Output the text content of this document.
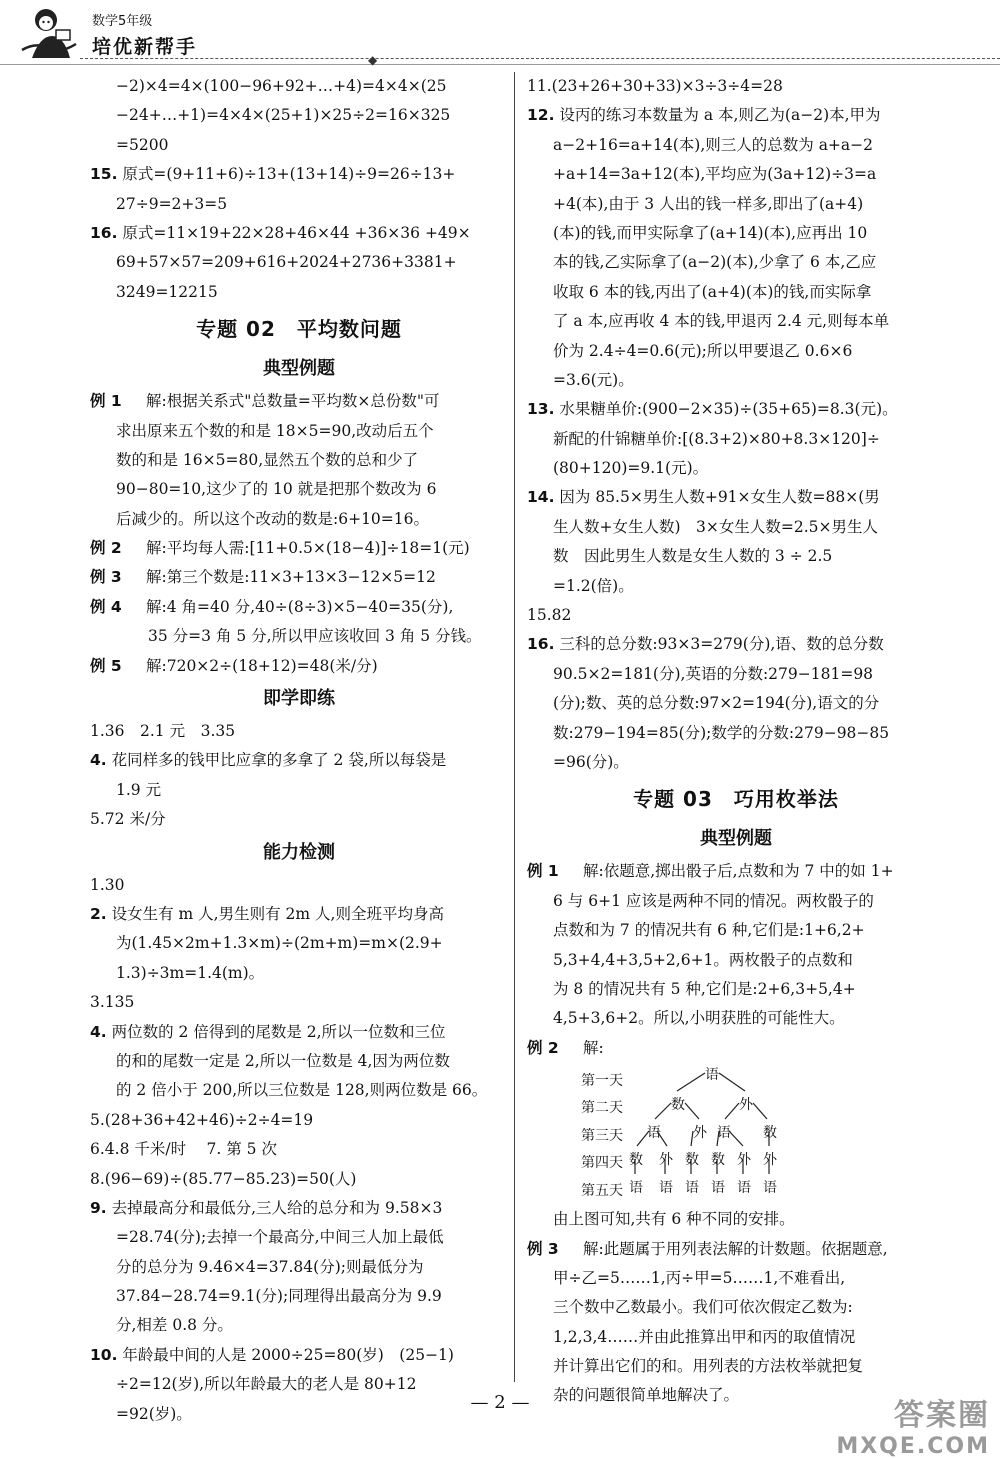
数学5年级
培优新帮手
◆
−2)×4=4×(100−96+92+…+4)=4×4×(25
−24+…+1)=4×4×(25+1)×25÷2=16×325
=5200
15. 原式=(9+11+6)÷13+(13+14)÷9=26÷13+
27÷9=2+3=5
16. 原式=11×19+22×28+46×44 +36×36 +49×
69+57×57=209+616+2024+2736+3381+
3249=12215
专题 02　平均数问题
典型例题
例 1 解:根据关系式"总数量=平均数×总份数"可
求出原来五个数的和是 18×5=90,改动后五个
数的和是 16×5=80,显然五个数的总和少了
90−80=10,这少了的 10 就是把那个数改为 6
后减少的。所以这个改动的数是:6+10=16。
例 2 解:平均每人需:[11+0.5×(18−4)]÷18=1(元)
例 3 解:第三个数是:11×3+13×3−12×5=12
例 4 解:4 角=40 分,40÷(8÷3)×5−40=35(分),
35 分=3 角 5 分,所以甲应该收回 3 角 5 分钱。
例 5 解:720×2÷(18+12)=48(米/分)
即学即练
1.36　2.1 元　3.35
4. 花同样多的钱甲比应拿的多拿了 2 袋,所以每袋是
1.9 元
5.72 米/分
能力检测
1.30
2. 设女生有 m 人,男生则有 2m 人,则全班平均身高
为(1.45×2m+1.3×m)÷(2m+m)=m×(2.9+
1.3)÷3m=1.4(m)。
3.135
4. 两位数的 2 倍得到的尾数是 2,所以一位数和三位
的和的尾数一定是 2,所以一位数是 4,因为两位数
的 2 倍小于 200,所以三位数是 128,则两位数是 66。
5.(28+36+42+46)÷2÷4=19
6.4.8 千米/时　 7. 第 5 次
8.(96−69)÷(85.77−85.23)=50(人)
9. 去掉最高分和最低分,三人给的总分和为 9.58×3
=28.74(分);去掉一个最高分,中间三人加上最低
分的总分为 9.46×4=37.84(分);则最低分为
37.84−28.74=9.1(分);同理得出最高分为 9.9
分,相差 0.8 分。
10. 年龄最中间的人是 2000÷25=80(岁)　(25−1)
÷2=12(岁),所以年龄最大的老人是 80+12
=92(岁)。
11.(23+26+30+33)×3÷3÷4=28
12. 设丙的练习本数量为 a 本,则乙为(a−2)本,甲为
a−2+16=a+14(本),则三人的总数为 a+a−2
+a+14=3a+12(本),平均应为(3a+12)÷3=a
+4(本),由于 3 人出的钱一样多,即出了(a+4)
(本)的钱,而甲实际拿了(a+14)(本),应再出 10
本的钱,乙实际拿了(a−2)(本),少拿了 6 本,乙应
收取 6 本的钱,丙出了(a+4)(本)的钱,而实际拿
了 a 本,应再收 4 本的钱,甲退丙 2.4 元,则每本单
价为 2.4÷4=0.6(元);所以甲要退乙 0.6×6
=3.6(元)。
13. 水果糖单价:(900−2×35)÷(35+65)=8.3(元)。
新配的什锦糖单价:[(8.3+2)×80+8.3×120]÷
(80+120)=9.1(元)。
14. 因为 85.5×男生人数+91×女生人数=88×(男
生人数+女生人数)　3×女生人数=2.5×男生人
数　因此男生人数是女生人数的 3 ÷ 2.5
=1.2(倍)。
15.82
16. 三科的总分数:93×3=279(分),语、数的总分数
90.5×2=181(分),英语的分数:279−181=98
(分);数、英的总分数:97×2=194(分),语文的分
数:279−194=85(分);数学的分数:279−98−85
=96(分)。
专题 03　巧用枚举法
典型例题
例 1 解:依题意,掷出骰子后,点数和为 7 中的如 1+
6 与 6+1 应该是两种不同的情况。两枚骰子的
点数和为 7 的情况共有 6 种,它们是:1+6,2+
5,3+4,4+3,5+2,6+1。两枚骰子的点数和
为 8 的情况共有 5 种,它们是:2+6,3+5,4+
4,5+3,6+2。所以,小明获胜的可能性大。
例 2 解:
第一天
第二天
第三天
第四天
第五天
语
数	外
语 外 语 数
数 外 数 数 外 外
语 语 语 语 语 语
由上图可知,共有 6 种不同的安排。
例 3 解:此题属于用列表法解的计数题。依据题意,
甲÷乙=5……1,丙÷甲=5……1,不难看出,
三个数中乙数最小。我们可依次假定乙数为:
1,2,3,4……并由此推算出甲和丙的取值情况
并计算出它们的和。用列表的方法枚举就把复
杂的问题很简单地解决了。
— 2 —	答案圈
MXQE.COM
